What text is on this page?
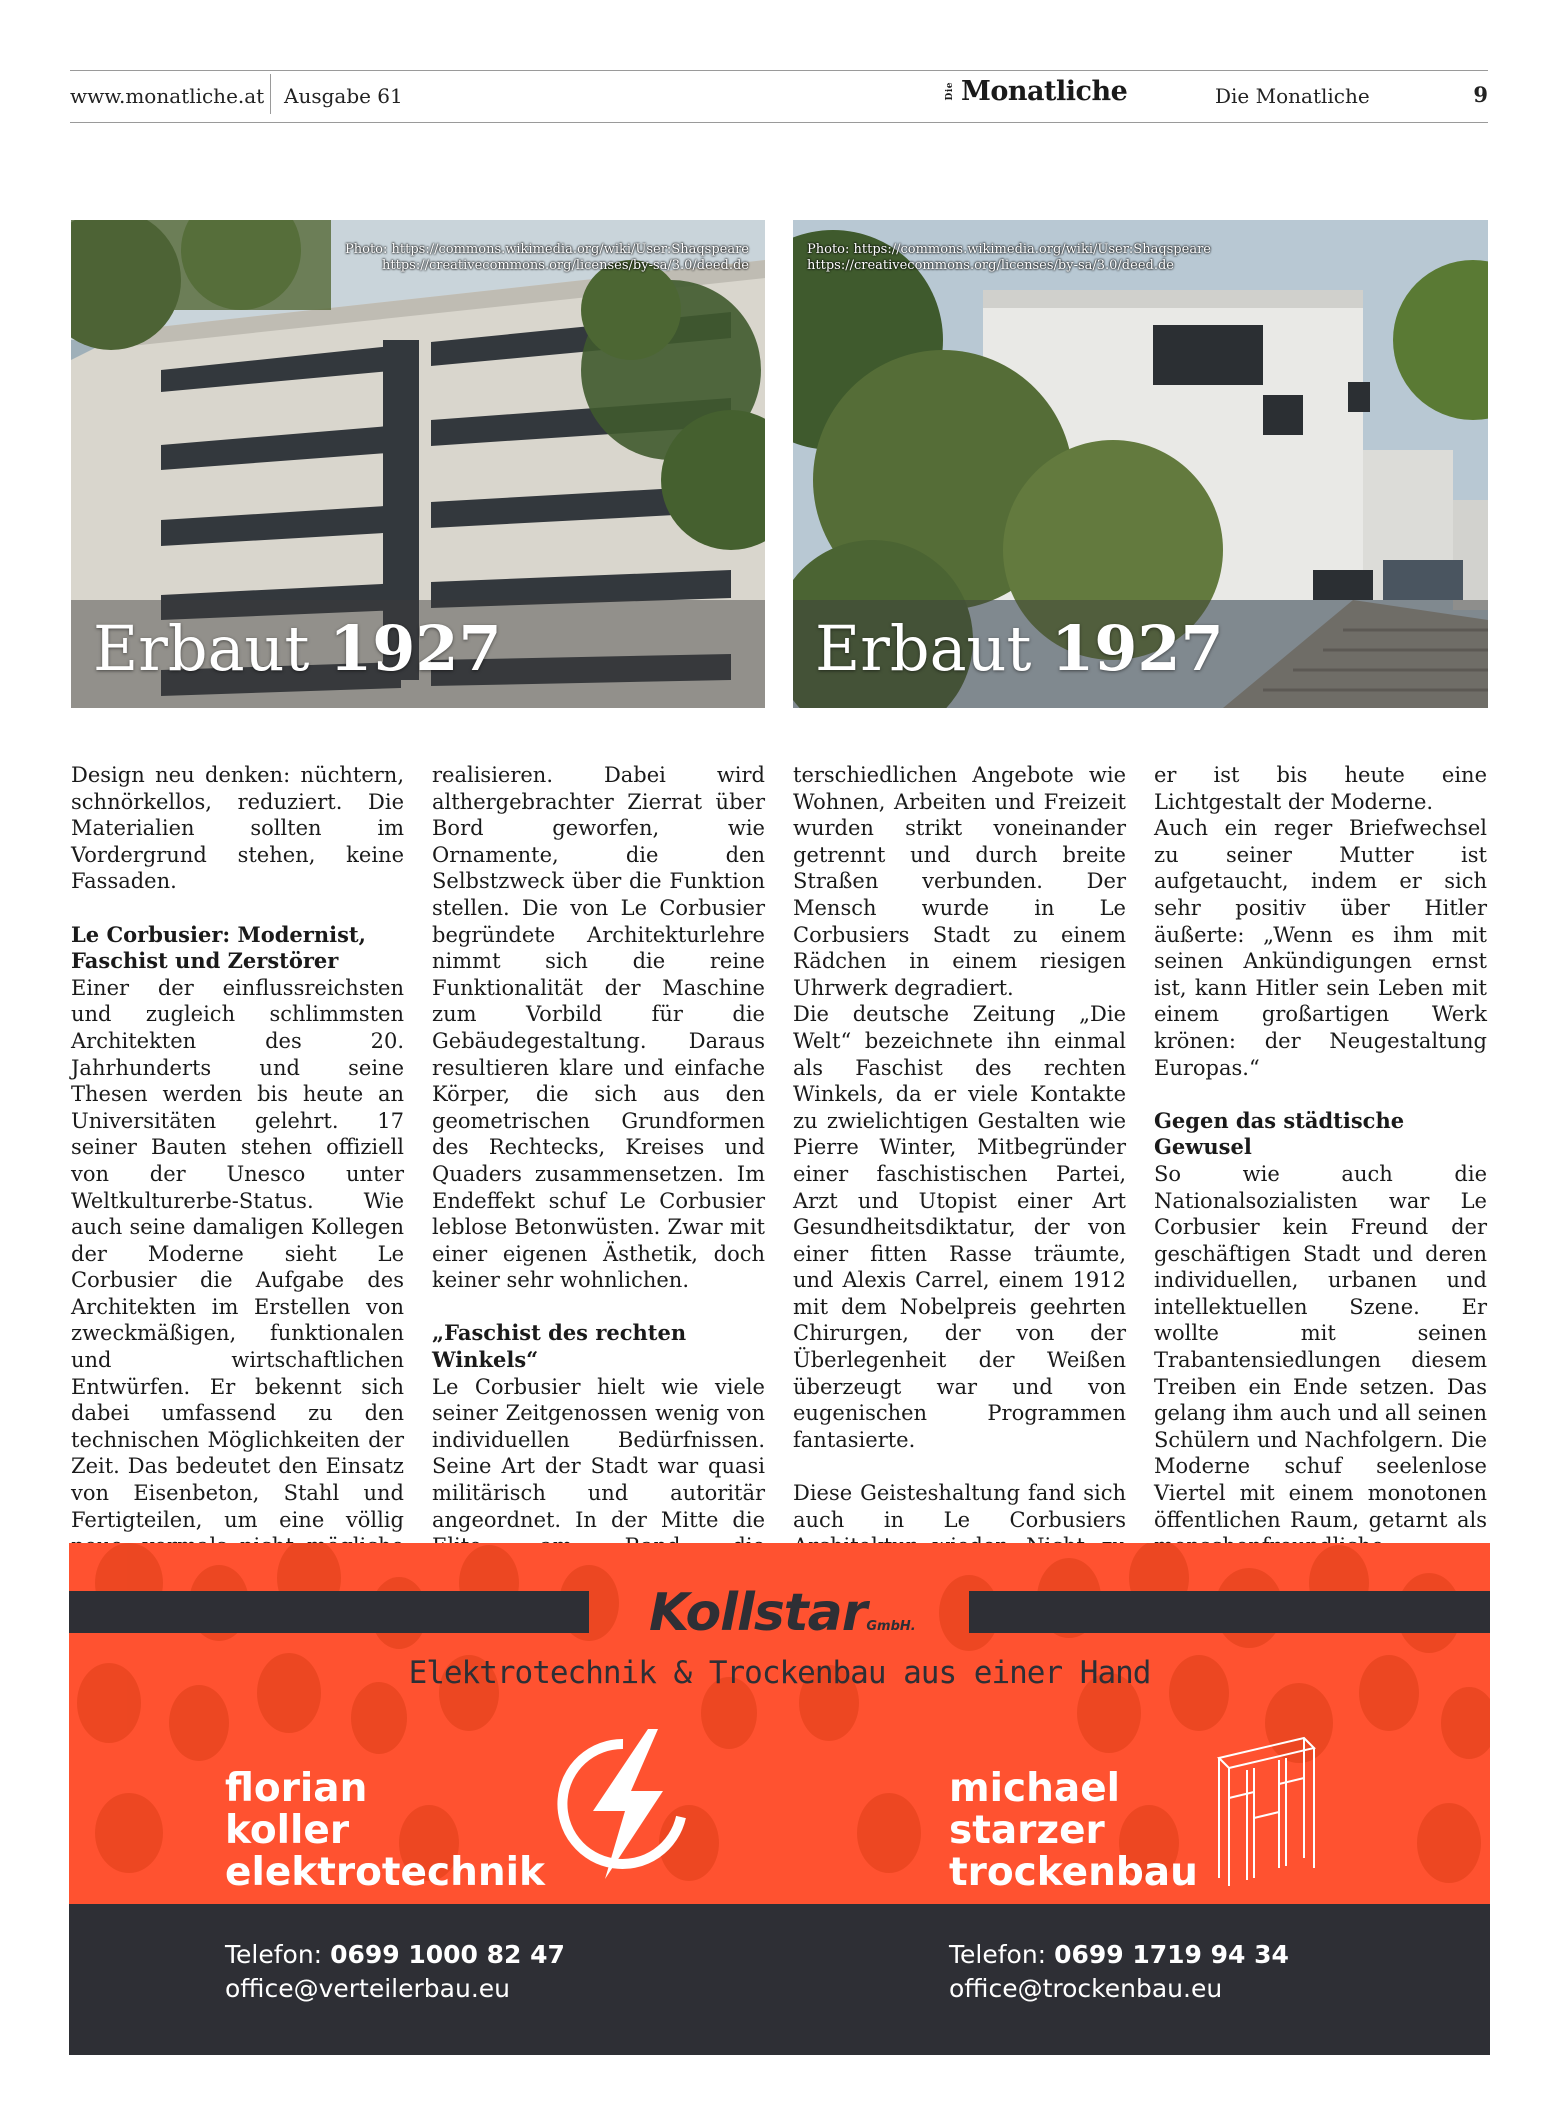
www.monatliche.at Ausgabe 61	Die Monatliche	Die Monatliche	9
Photo: https://commons.wikimedia.org/wiki/User:Shaqspeare
https://creativecommons.org/licenses/by-sa/3.0/deed.de
Erbaut 1927
Photo: https://commons.wikimedia.org/wiki/User:Shaqspeare
https://creativecommons.org/licenses/by-sa/3.0/deed.de
Erbaut 1927

Design neu denken: nüchtern, schnörkellos, reduziert. Die Materialien sollten im Vordergrund stehen, keine Fassaden.

Le Corbusier: Modernist, Faschist und Zerstörer

Einer der einflussreichsten und zugleich schlimmsten Architekten des 20. Jahrhunderts und seine Thesen werden bis heute an Universitäten gelehrt. 17 seiner Bauten stehen offiziell von der Unesco unter Weltkulturerbe-Status. Wie auch seine damaligen Kollegen der Moderne sieht Le Corbusier die Aufgabe des Architekten im Erstellen von zweckmäßigen, funktionalen und wirtschaftlichen Entwürfen. Er bekennt sich dabei umfassend zu den technischen Möglichkeiten der Zeit. Das bedeutet den Einsatz von Eisenbeton, Stahl und Fertigteilen, um eine völlig

realisieren. Dabei wird althergebrachter Zierrat über Bord geworfen, wie Ornamente, die den Selbstzweck über die Funktion stellen. Die von Le Corbusier begründete Architekturlehre nimmt sich die reine Funktionalität der Maschine zum Vorbild für die Gebäudegestaltung. Daraus resultieren klare und einfache Körper, die sich aus den geometrischen Grundformen des Rechtecks, Kreises und Quaders zusammensetzen. Im Endeffekt schuf Le Corbusier leblose Betonwüsten. Zwar mit einer eigenen Ästhetik, doch keiner sehr wohnlichen.

„Faschist des rechten Winkels“

Le Corbusier hielt wie viele seiner Zeitgenossen wenig von individuellen Bedürfnissen. Seine Art der Stadt war quasi militärisch und autoritär angeordnet. In der Mitte die

terschiedlichen Angebote wie Wohnen, Arbeiten und Freizeit wurden strikt voneinander getrennt und durch breite Straßen verbunden. Der Mensch wurde in Le Corbusiers Stadt zu einem Rädchen in einem riesigen Uhrwerk degradiert.

Die deutsche Zeitung „Die Welt“ bezeichnete ihn einmal als Faschist des rechten Winkels, da er viele Kontakte zu zwielichtigen Gestalten wie Pierre Winter, Mitbegründer einer faschistischen Partei, Arzt und Utopist einer Art Gesundheitsdiktatur, der von einer fitten Rasse träumte, und Alexis Carrel, einem 1912 mit dem Nobelpreis geehrten Chirurgen, der von der Überlegenheit der Weißen überzeugt war und von eugenischen Programmen fantasierte.

Diese Geisteshaltung fand sich auch in Le Corbusiers

er ist bis heute eine Lichtgestalt der Moderne.

Auch ein reger Briefwechsel zu seiner Mutter ist aufgetaucht, indem er sich sehr positiv über Hitler äußerte: „Wenn es ihm mit seinen Ankündigungen ernst ist, kann Hitler sein Leben mit einem großartigen Werk krönen: der Neugestaltung Europas.“

Gegen das städtische Gewusel

So wie auch die Nationalsozialisten war Le Corbusier kein Freund der geschäftigen Stadt und deren individuellen, urbanen und intellektuellen Szene. Er wollte mit seinen Trabantensiedlungen diesem Treiben ein Ende setzen. Das gelang ihm auch und all seinen Schülern und Nachfolgern. Die Moderne schuf seelenlose Viertel mit einem monotonen öffentlichen Raum, getarnt als

KollstarGmbH.
Elektrotechnik & Trockenbau aus einer Hand
florian
koller
elektrotechnik
michael
starzer
trockenbau
Telefon: 0699 1000 82 47
office@verteilerbau.eu
Telefon: 0699 1719 94 34
office@trockenbau.eu
